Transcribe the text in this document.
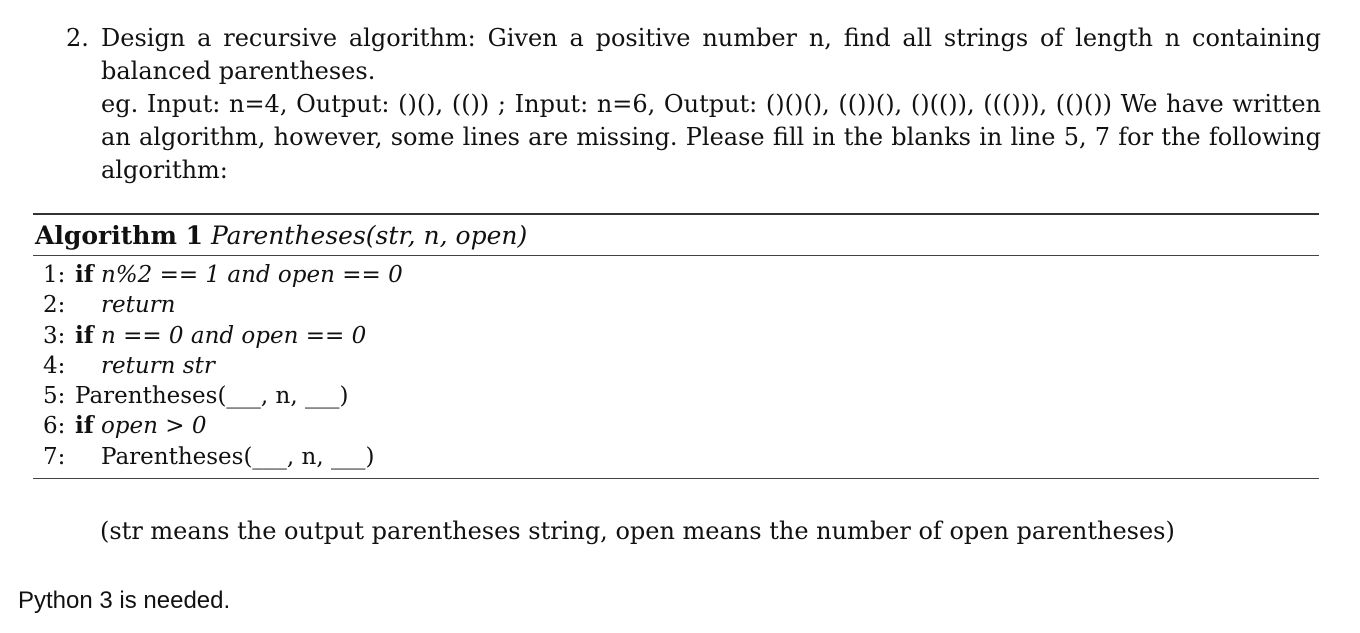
2. Design a recursive algorithm: Given a positive number n, find all strings of length n containing balanced parentheses.
eg. Input: n=4, Output: ()(), (()) ; Input: n=6, Output: ()()(), (())(), ()(()), ((())), (()()) We have written an algorithm, however, some lines are missing. Please fill in the blanks in line 5, 7 for the following algorithm:
Algorithm 1 Parentheses(str, n, open)
1: if n%2 == 1 and open == 0
2:	return
3: if n == 0 and open == 0
4:	return str
5: Parentheses(___, n, ___)
6: if open > 0
7:	Parentheses(___, n, ___)
(str means the output parentheses string, open means the number of open parentheses)
Python 3 is needed.
